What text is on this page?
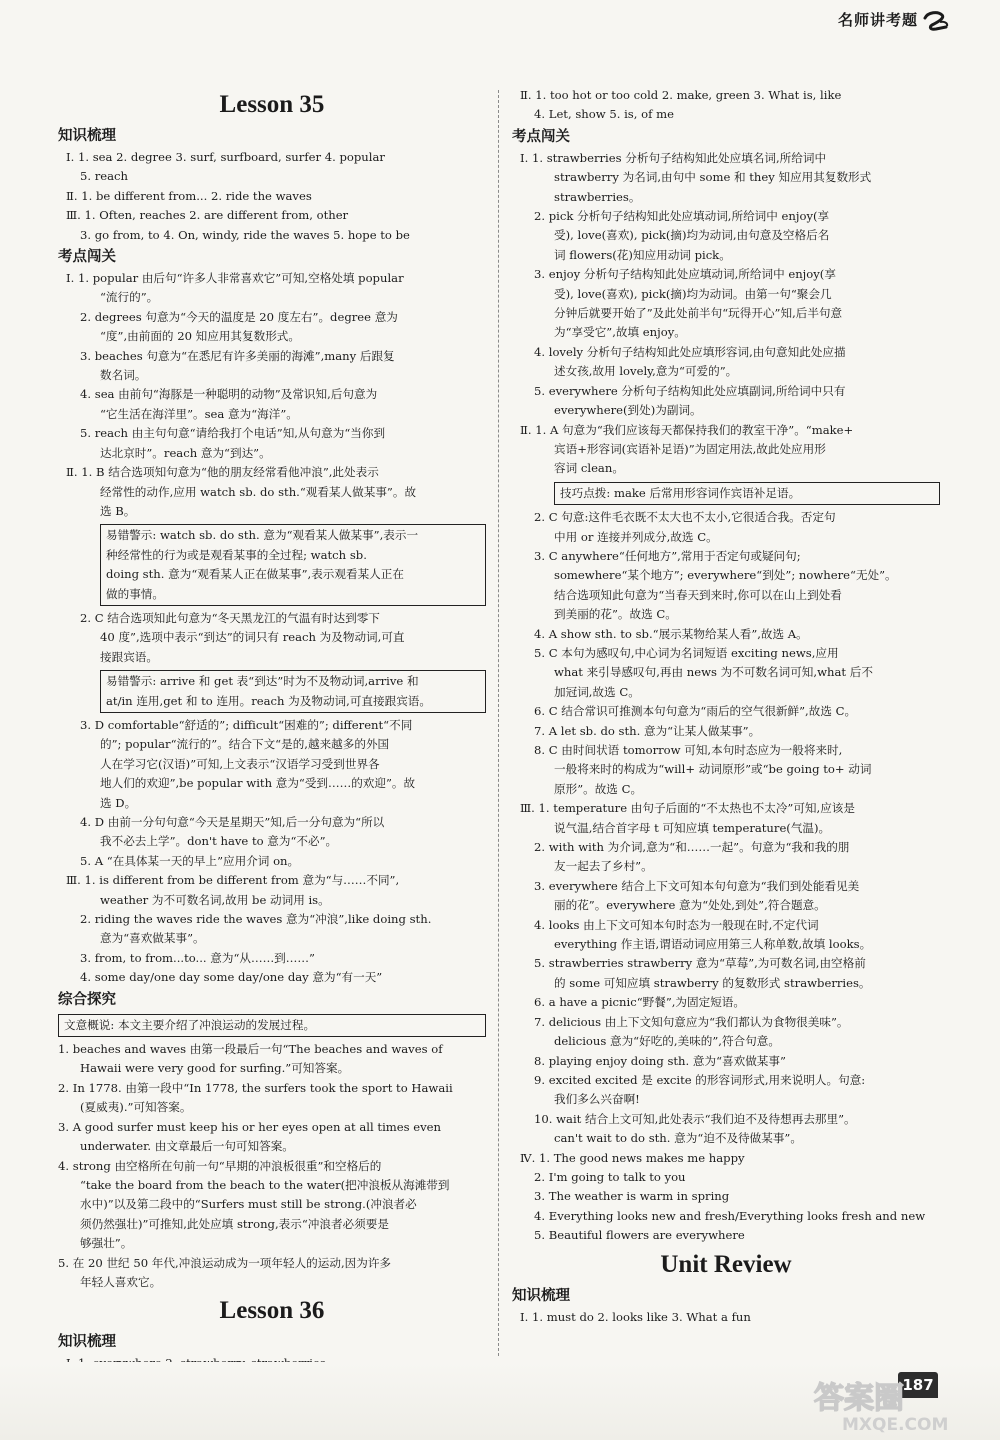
名师讲考题
Lesson 35
知识梳理
Ⅰ. 1. sea 2. degree 3. surf, surfboard, surfer 4. popular
5. reach
Ⅱ. 1. be different from... 2. ride the waves
Ⅲ. 1. Often, reaches 2. are different from, other
3. go from, to 4. On, windy, ride the waves 5. hope to be
考点闯关
Ⅰ. 1. popular 由后句“许多人非常喜欢它”可知,空格处填 popular
“流行的”。
2. degrees 句意为“今天的温度是 20 度左右”。degree 意为
“度”,由前面的 20 知应用其复数形式。
3. beaches 句意为“在悉尼有许多美丽的海滩”,many 后跟复
数名词。
4. sea 由前句“海豚是一种聪明的动物”及常识知,后句意为
“它生活在海洋里”。sea 意为“海洋”。
5. reach 由主句句意“请给我打个电话”知,从句意为“当你到
达北京时”。reach 意为“到达”。
Ⅱ. 1. B 结合选项知句意为“他的朋友经常看他冲浪”,此处表示
经常性的动作,应用 watch sb. do sth.“观看某人做某事”。故
选 B。
易错警示: watch sb. do sth. 意为“观看某人做某事”,表示一
种经常性的行为或是观看某事的全过程; watch sb.
doing sth. 意为“观看某人正在做某事”,表示观看某人正在
做的事情。
2. C 结合选项知此句意为“冬天黑龙江的气温有时达到零下
40 度”,选项中表示“到达”的词只有 reach 为及物动词,可直
接跟宾语。
易错警示: arrive 和 get 表“到达”时为不及物动词,arrive 和
at/in 连用,get 和 to 连用。reach 为及物动词,可直接跟宾语。
3. D comfortable“舒适的”; difficult“困难的”; different“不同
的”; popular“流行的”。结合下文“是的,越来越多的外国
人在学习它(汉语)”可知,上文表示“汉语学习受到世界各
地人们的欢迎”,be popular with 意为“受到……的欢迎”。故
选 D。
4. D 由前一分句句意“今天是星期天”知,后一分句意为“所以
我不必去上学”。don't have to 意为“不必”。
5. A “在具体某一天的早上”应用介词 on。
Ⅲ. 1. is different from be different from 意为“与……不同”,
weather 为不可数名词,故用 be 动词用 is。
2. riding the waves ride the waves 意为“冲浪”,like doing sth.
意为“喜欢做某事”。
3. from, to from...to... 意为“从……到……”
4. some day/one day some day/one day 意为“有一天”
综合探究
文意概说: 本文主要介绍了冲浪运动的发展过程。
1. beaches and waves 由第一段最后一句“The beaches and waves of
Hawaii were very good for surfing.”可知答案。
2. In 1778. 由第一段中“In 1778, the surfers took the sport to Hawaii
(夏威夷).”可知答案。
3. A good surfer must keep his or her eyes open at all times even
underwater. 由文章最后一句可知答案。
4. strong 由空格所在句前一句“早期的冲浪板很重”和空格后的
“take the board from the beach to the water(把冲浪板从海滩带到
水中)”以及第二段中的“Surfers must still be strong.(冲浪者必
须仍然强壮)”可推知,此处应填 strong,表示“冲浪者必须要是
够强壮”。
5. 在 20 世纪 50 年代,冲浪运动成为一项年轻人的运动,因为许多
年轻人喜欢它。
Lesson 36
知识梳理
Ⅱ. 1. too hot or too cold 2. make, green 3. What is, like
4. Let, show 5. is, of me
考点闯关
Ⅰ. 1. strawberries 分析句子结构知此处应填名词,所给词中
strawberry 为名词,由句中 some 和 they 知应用其复数形式
strawberries。
2. pick 分析句子结构知此处应填动词,所给词中 enjoy(享
受), love(喜欢), pick(摘)均为动词,由句意及空格后名
词 flowers(花)知应用动词 pick。
3. enjoy 分析句子结构知此处应填动词,所给词中 enjoy(享
受), love(喜欢), pick(摘)均为动词。由第一句“聚会几
分钟后就要开始了”及此处前半句“玩得开心”知,后半句意
为“享受它”,故填 enjoy。
4. lovely 分析句子结构知此处应填形容词,由句意知此处应描
述女孩,故用 lovely,意为“可爱的”。
5. everywhere 分析句子结构知此处应填副词,所给词中只有
everywhere(到处)为副词。
Ⅱ. 1. A 句意为“我们应该每天都保持我们的教室干净”。“make+
宾语+形容词(宾语补足语)”为固定用法,故此处应用形
容词 clean。
技巧点拨: make 后常用形容词作宾语补足语。
2. C 句意:这件毛衣既不太大也不太小,它很适合我。否定句
中用 or 连接并列成分,故选 C。
3. C anywhere“任何地方”,常用于否定句或疑问句;
somewhere“某个地方”; everywhere“到处”; nowhere“无处”。
结合选项知此句意为“当春天到来时,你可以在山上到处看
到美丽的花”。故选 C。
4. A show sth. to sb.“展示某物给某人看”,故选 A。
5. C 本句为感叹句,中心词为名词短语 exciting news,应用
what 来引导感叹句,再由 news 为不可数名词可知,what 后不
加冠词,故选 C。
6. C 结合常识可推测本句句意为“雨后的空气很新鲜”,故选 C。
7. A let sb. do sth. 意为“让某人做某事”。
8. C 由时间状语 tomorrow 可知,本句时态应为一般将来时,
一般将来时的构成为“will+ 动词原形”或“be going to+ 动词
原形”。故选 C。
Ⅲ. 1. temperature 由句子后面的“不太热也不太冷”可知,应该是
说气温,结合首字母 t 可知应填 temperature(气温)。
2. with with 为介词,意为“和……一起”。句意为“我和我的朋
友一起去了乡村”。
3. everywhere 结合上下文可知本句句意为“我们到处能看见美
丽的花”。everywhere 意为“处处,到处”,符合题意。
4. looks 由上下文可知本句时态为一般现在时,不定代词
everything 作主语,谓语动词应用第三人称单数,故填 looks。
5. strawberries strawberry 意为“草莓”,为可数名词,由空格前
的 some 可知应填 strawberry 的复数形式 strawberries。
6. a have a picnic“野餐”,为固定短语。
7. delicious 由上下文知句意应为“我们都认为食物很美味”。
delicious 意为“好吃的,美味的”,符合句意。
8. playing enjoy doing sth. 意为“喜欢做某事”
9. excited excited 是 excite 的形容词形式,用来说明人。句意:
我们多么兴奋啊!
10. wait 结合上文可知,此处表示“我们迫不及待想再去那里”。
can't wait to do sth. 意为“迫不及待做某事”。
Ⅳ. 1. The good news makes me happy
2. I'm going to talk to you
3. The weather is warm in spring
4. Everything looks new and fresh/Everything looks fresh and new
5. Beautiful flowers are everywhere
Unit Review
知识梳理
Ⅰ. 1. must do 2. looks like 3. What a fun
187
答案圈
MXQE.COM
